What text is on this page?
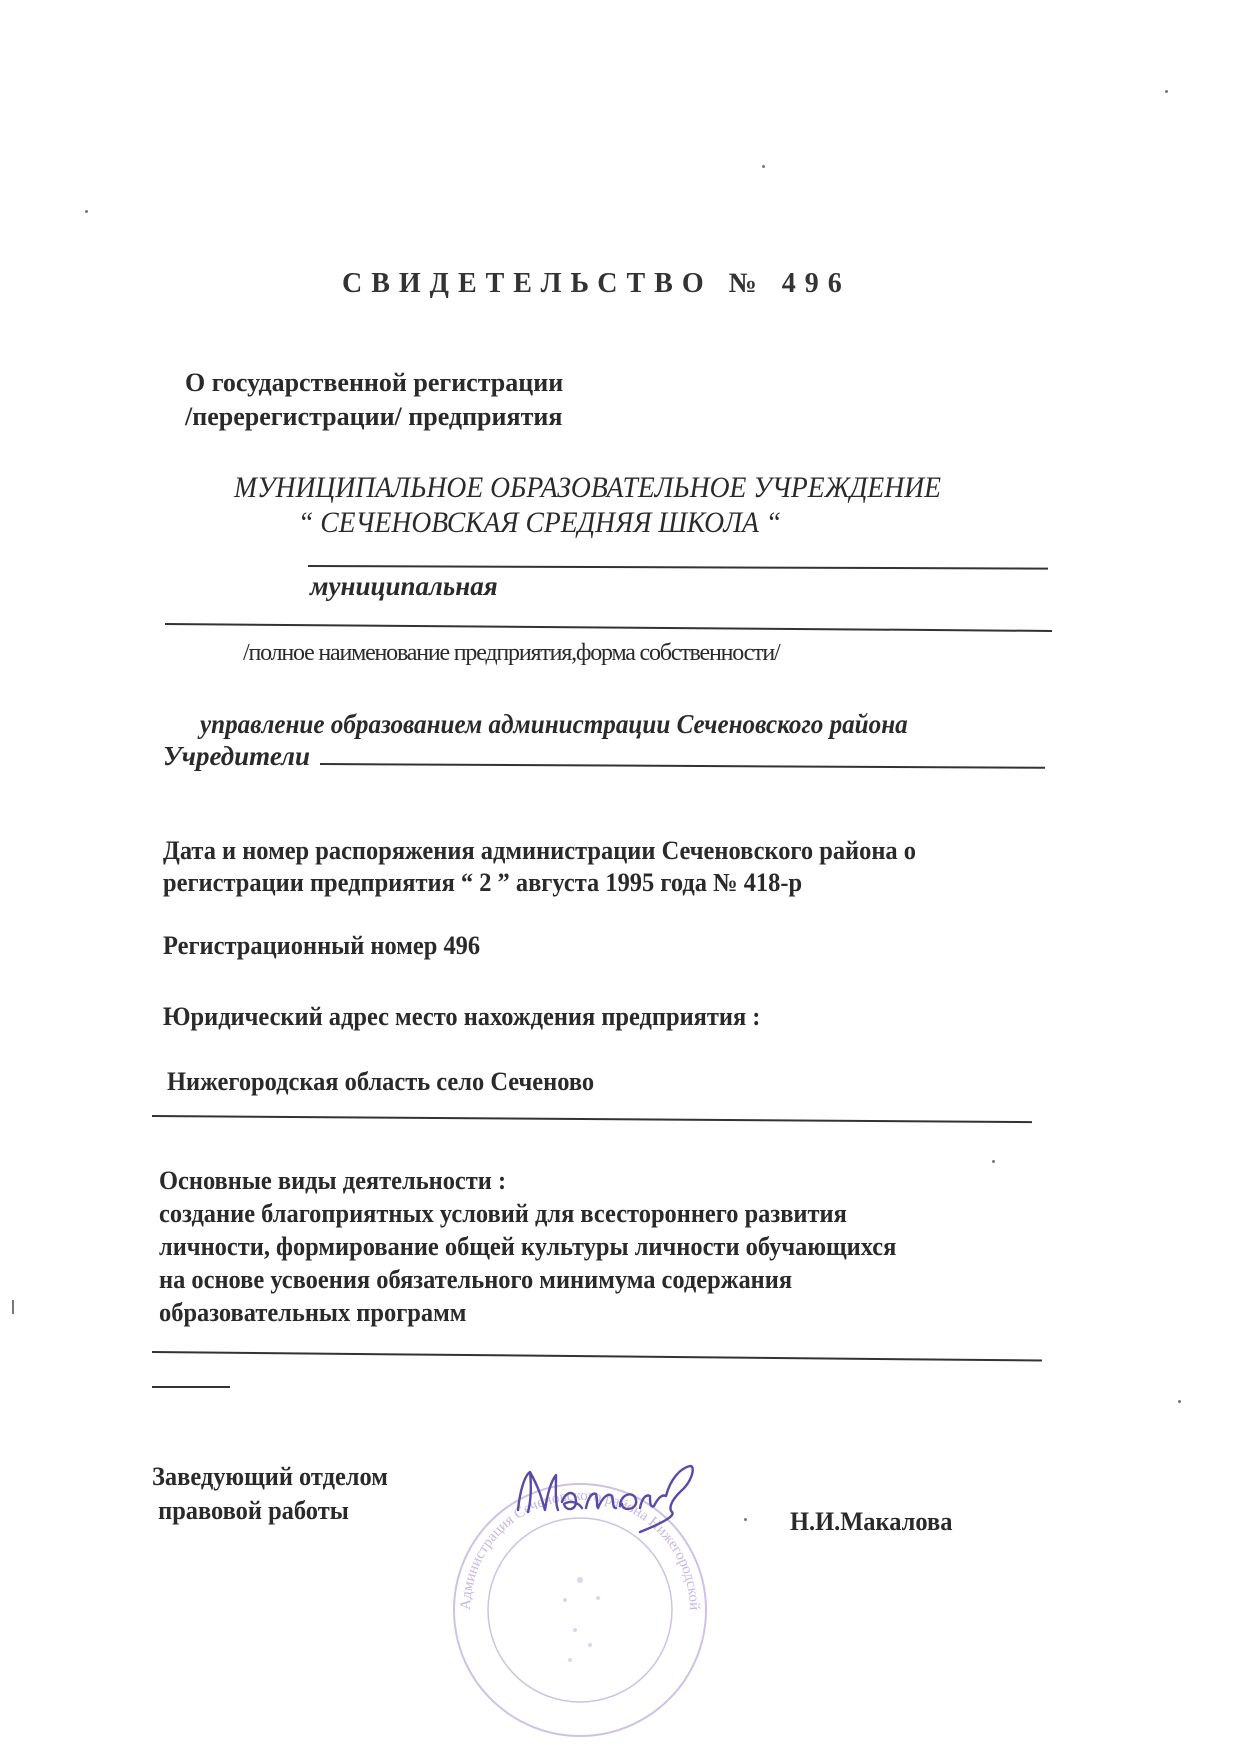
СВИДЕТЕЛЬСТВО № 496
О государственной регистрации
/перерегистрации/ предприятия
МУНИЦИПАЛЬНОЕ ОБРАЗОВАТЕЛЬНОЕ УЧРЕЖДЕНИЕ
“ СЕЧЕНОВСКАЯ СРЕДНЯЯ ШКОЛА “
муниципальная
/полное наименование предприятия,форма собственности/
управление образованием администрации Сеченовского района
Учредители
Дата и номер распоряжения администрации Сеченовского района о
регистрации предприятия “ 2 ” августа 1995 года № 418-р
Регистрационный номер 496
Юридический адрес место нахождения предприятия :
Нижегородская область село Сеченово
Основные виды деятельности :
создание благоприятных условий для всестороннего развития
личности, формирование общей культуры личности обучающихся
на основе усвоения обязательного минимума содержания
образовательных программ
Заведующий отделом
правовой работы
Администрация Сеченовского района Нижегородской
Н.И.Макалова
